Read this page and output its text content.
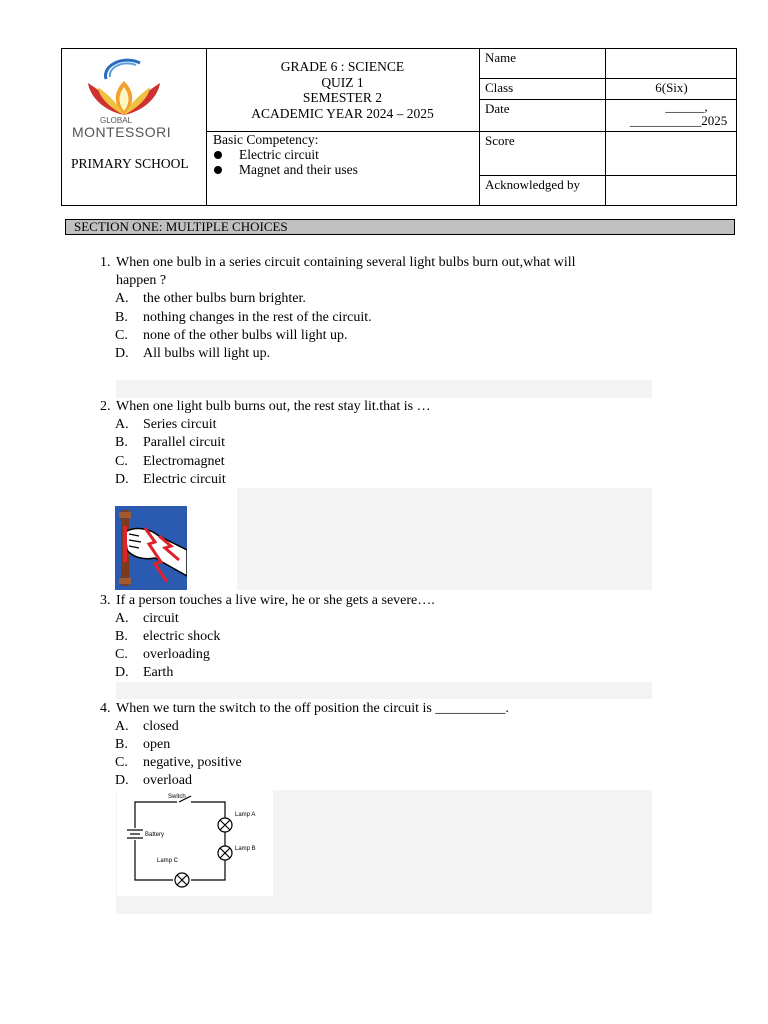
GLOBAL
MONTESSORI
PRIMARY SCHOOL
GRADE 6 : SCIENCE
QUIZ 1
SEMESTER 2
ACADEMIC YEAR 2024 – 2025
Basic Competency:
Electric circuit
Magnet and their uses
Name
Class	6(Six)
Date	______,
___________2025
Score
Acknowledged by
SECTION ONE: MULTIPLE CHOICES
1. When one bulb in a series circuit containing several light bulbs burn out,what will
happen ?
A. the other bulbs burn brighter.
B. nothing changes in the rest of the circuit.
C. none of the other bulbs will light up.
D. All bulbs will light up.
2. When one light bulb burns out, the rest stay lit.that is …
A. Series circuit
B. Parallel circuit
C. Electromagnet
D. Electric circuit
3. If a person touches a live wire, he or she gets a severe….
A. circuit
B. electric shock
C. overloading
D. Earth
4. When we turn the switch to the off position the circuit is __________.
A. closed
B. open
C. negative, positive
D. overload
Switch
Battery
Lamp A
Lamp B
Lamp C
